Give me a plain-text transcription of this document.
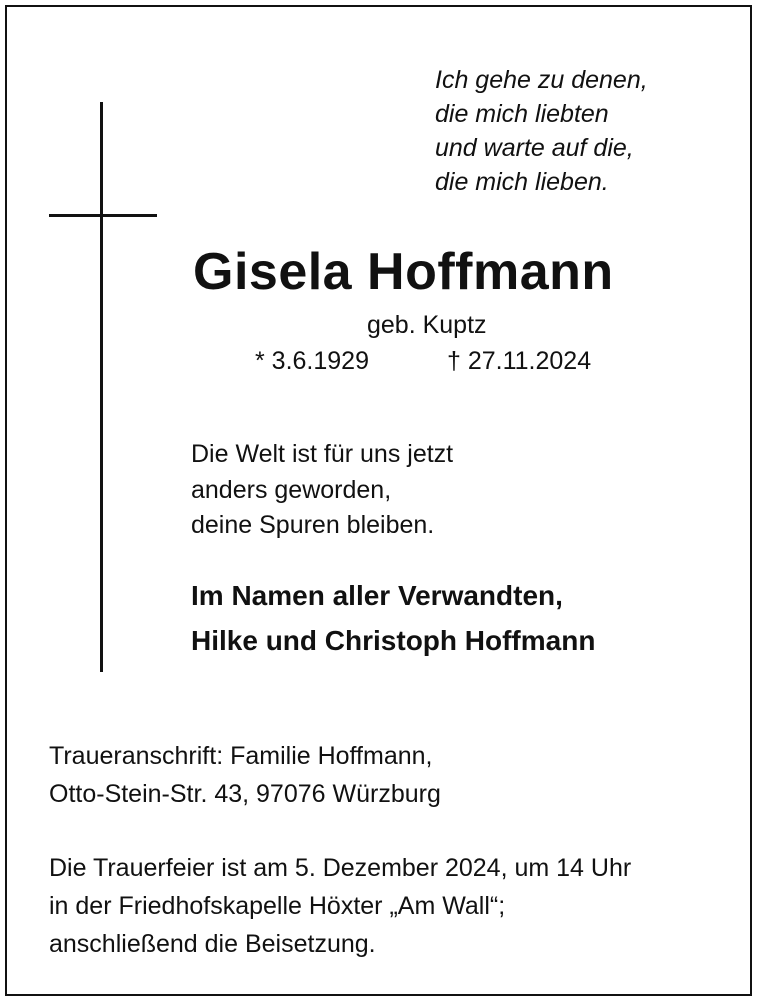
Ich gehe zu denen,
die mich liebten
und warte auf die,
die mich lieben.
Gisela Hoffmann
geb. Kuptz
* 3.6.1929	† 27.11.2024
Die Welt ist für uns jetzt
anders geworden,
deine Spuren bleiben.
Im Namen aller Verwandten,
Hilke und Christoph Hoffmann
Traueranschrift: Familie Hoffmann,
Otto-Stein-Str. 43, 97076 Würzburg
Die Trauerfeier ist am 5. Dezember 2024, um 14 Uhr
in der Friedhofskapelle Höxter „Am Wall“;
anschließend die Beisetzung.
